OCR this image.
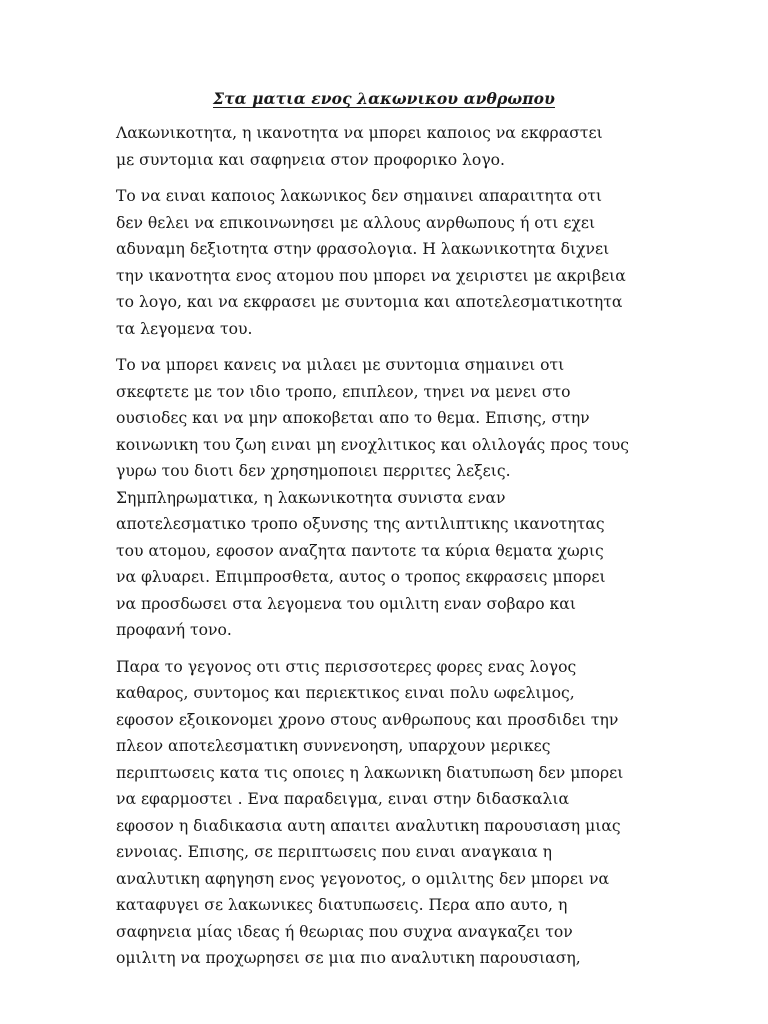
Στα ματια ενος λακωνικου ανθρωπου

Λακωνικοτητα, η ικανοτητα να μπορει καποιος να εκφραστει
με συντομια και σαφηνεια στον προφορικο λογο.

Το να ειναι καποιος λακωνικος δεν σημαινει απαραιτητα οτι
δεν θελει να επικοινωνησει με αλλους ανρθωπους ή οτι εχει
αδυναμη δεξιοτητα στην φρασολογια. Η λακωνικοτητα διχνει
την ικανοτητα ενος ατομου που μπορει να χειριστει με ακριβεια
το λογο, και να εκφρασει με συντομια και αποτελεσματικοτητα
τα λεγομενα του.

Το να μπορει κανεις να μιλαει με συντομια σημαινει οτι
σκεφτετε με τον ιδιο τροπο, επιπλεον, τηνει να μενει στο
ουσιοδες και να μην αποκοβεται απο το θεμα. Επισης, στην
κοινωνικη του ζωη ειναι μη ενοχλιτικος και ολιλογάς προς τους
γυρω του διοτι δεν χρησημοποιει περριτες λεξεις.
Σημπληρωματικα, η λακωνικοτητα συνιστα εναν
αποτελεσματικο τροπο οξυνσης της αντιλιπτικης ικανοτητας
του ατομου, εφοσον αναζητα παντοτε τα κύρια θεματα χωρις
να φλυαρει. Επιμπροσθετα, αυτος ο τροπος εκφρασεις μπορει
να προσδωσει στα λεγομενα του ομιλιτη εναν σοβαρο και
προφανή τονο.

Παρα το γεγονος οτι στις περισσοτερες φορες ενας λογος
καθαρος, συντομος και περιεκτικος ειναι πολυ ωφελιμος,
εφοσον εξοικονομει χρονο στους ανθρωπους και προσδιδει την
πλεον αποτελεσματικη συννενοηση, υπαρχουν μερικες
περιπτωσεις κατα τις οποιες η λακωνικη διατυπωση δεν μπορει
να εφαρμοστει . Ενα παραδειγμα, ειναι στην διδασκαλια
εφοσον η διαδικασια αυτη απαιτει αναλυτικη παρουσιαση μιας
εννοιας. Επισης, σε περιπτωσεις που ειναι αναγκαια η
αναλυτικη αφηγηση ενος γεγονοτος, ο ομιλιτης δεν μπορει να
καταφυγει σε λακωνικες διατυπωσεις. Περα απο αυτο, η
σαφηνεια μίας ιδεας ή θεωριας που συχνα αναγκαζει τον
ομιλιτη να προχωρησει σε μια πιο αναλυτικη παρουσιαση,
